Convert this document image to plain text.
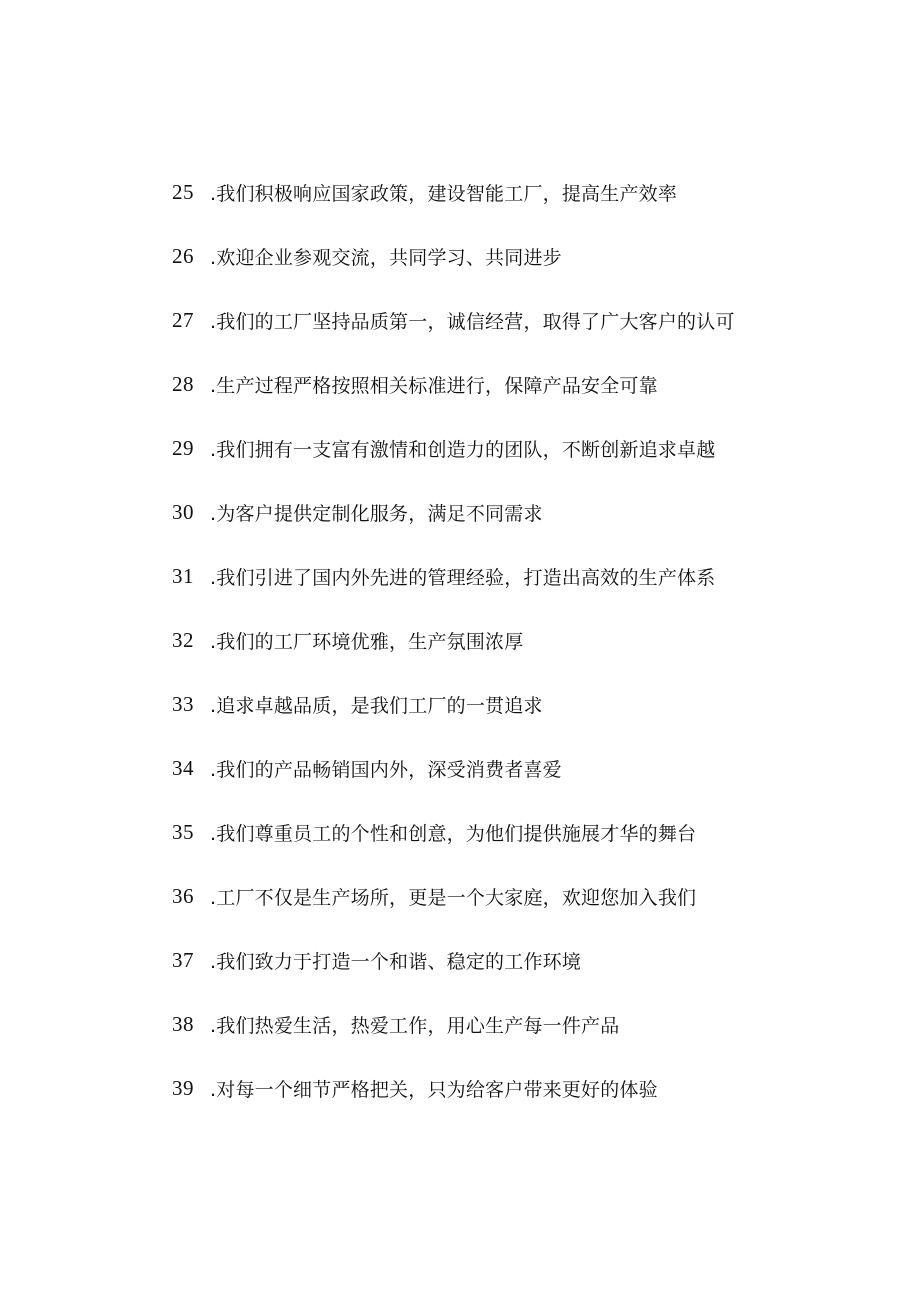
25 .我们积极响应国家政策，建设智能工厂，提高生产效率
26 .欢迎企业参观交流，共同学习、共同进步
27 .我们的工厂坚持品质第一，诚信经营，取得了广大客户的认可
28 .生产过程严格按照相关标准进行，保障产品安全可靠
29 .我们拥有一支富有激情和创造力的团队，不断创新追求卓越
30 .为客户提供定制化服务，满足不同需求
31 .我们引进了国内外先进的管理经验，打造出高效的生产体系
32 .我们的工厂环境优雅，生产氛围浓厚
33 .追求卓越品质，是我们工厂的一贯追求
34 .我们的产品畅销国内外，深受消费者喜爱
35 .我们尊重员工的个性和创意，为他们提供施展才华的舞台
36 .工厂不仅是生产场所，更是一个大家庭，欢迎您加入我们
37 .我们致力于打造一个和谐、稳定的工作环境
38 .我们热爱生活，热爱工作，用心生产每一件产品
39 .对每一个细节严格把关，只为给客户带来更好的体验
